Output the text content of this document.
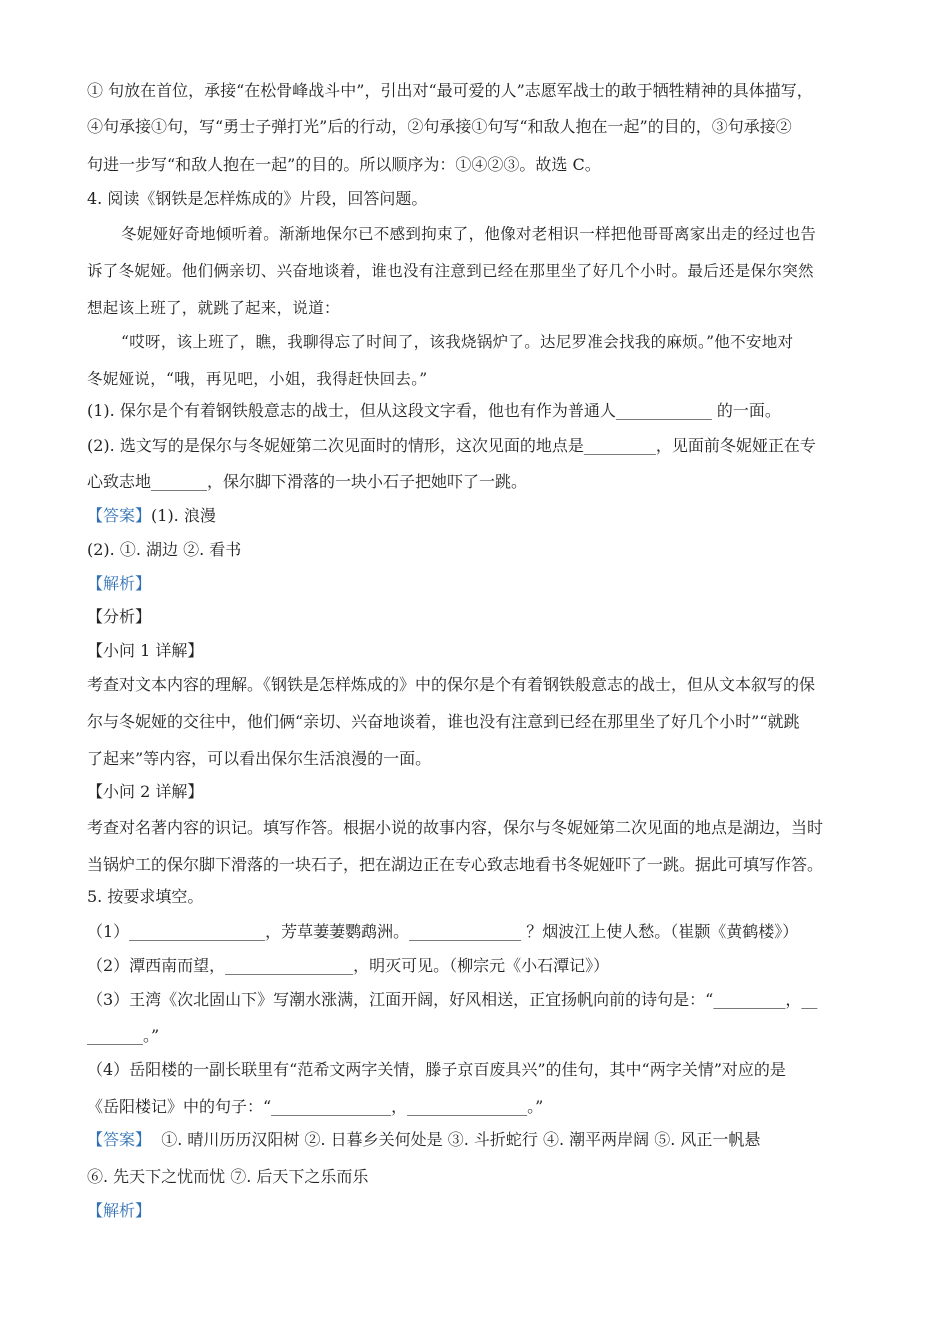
① 句放在首位，承接“在松骨峰战斗中”，引出对“最可爱的人”志愿军战士的敢于牺牲精神的具体描写，
④句承接①句，写“勇士子弹打光”后的行动，②句承接①句写“和敌人抱在一起”的目的，③句承接②
句进一步写“和敌人抱在一起”的目的。所以顺序为：①④②③。故选 C。
4. 阅读《钢铁是怎样炼成的》片段，回答问题。
冬妮娅好奇地倾听着。渐渐地保尔已不感到拘束了，他像对老相识一样把他哥哥离家出走的经过也告
诉了冬妮娅。他们俩亲切、兴奋地谈着，谁也没有注意到已经在那里坐了好几个小时。最后还是保尔突然
想起该上班了，就跳了起来，说道：
“哎呀，该上班了，瞧，我聊得忘了时间了，该我烧锅炉了。达尼罗准会找我的麻烦。”他不安地对
冬妮娅说，“哦，再见吧，小姐，我得赶快回去。”
(1). 保尔是个有着钢铁般意志的战士，但从这段文字看，他也有作为普通人____________ 的一面。
(2). 选文写的是保尔与冬妮娅第二次见面时的情形，这次见面的地点是_________，见面前冬妮娅正在专
心致志地_______，保尔脚下滑落的一块小石子把她吓了一跳。
【答案】(1). 浪漫
(2). ①. 湖边 ②. 看书
【解析】
【分析】
【小问 1 详解】
考查对文本内容的理解。《钢铁是怎样炼成的》中的保尔是个有着钢铁般意志的战士，但从文本叙写的保
尔与冬妮娅的交往中，他们俩“亲切、兴奋地谈着，谁也没有注意到已经在那里坐了好几个小时”“就跳
了起来”等内容，可以看出保尔生活浪漫的一面。
【小问 2 详解】
考查对名著内容的识记。填写作答。根据小说的故事内容，保尔与冬妮娅第二次见面的地点是湖边，当时
当锅炉工的保尔脚下滑落的一块石子，把在湖边正在专心致志地看书冬妮娅吓了一跳。据此可填写作答。
5. 按要求填空。
（1）_________________，芳草萋萋鹦鹉洲。______________ ？烟波江上使人愁。（崔颢《黄鹤楼》）
（2）潭西南而望，________________，明灭可见。（柳宗元《小石潭记》）
（3）王湾《次北固山下》写潮水涨满，江面开阔，好风相送，正宜扬帆向前的诗句是：“_________，__
_______。”
（4）岳阳楼的一副长联里有“范希文两字关情，滕子京百废具兴”的佳句，其中“两字关情”对应的是
《岳阳楼记》中的句子：“_______________，_______________。”
【答案】 ①. 晴川历历汉阳树 ②. 日暮乡关何处是 ③. 斗折蛇行 ④. 潮平两岸阔 ⑤. 风正一帆悬
⑥. 先天下之忧而忧 ⑦. 后天下之乐而乐
【解析】
